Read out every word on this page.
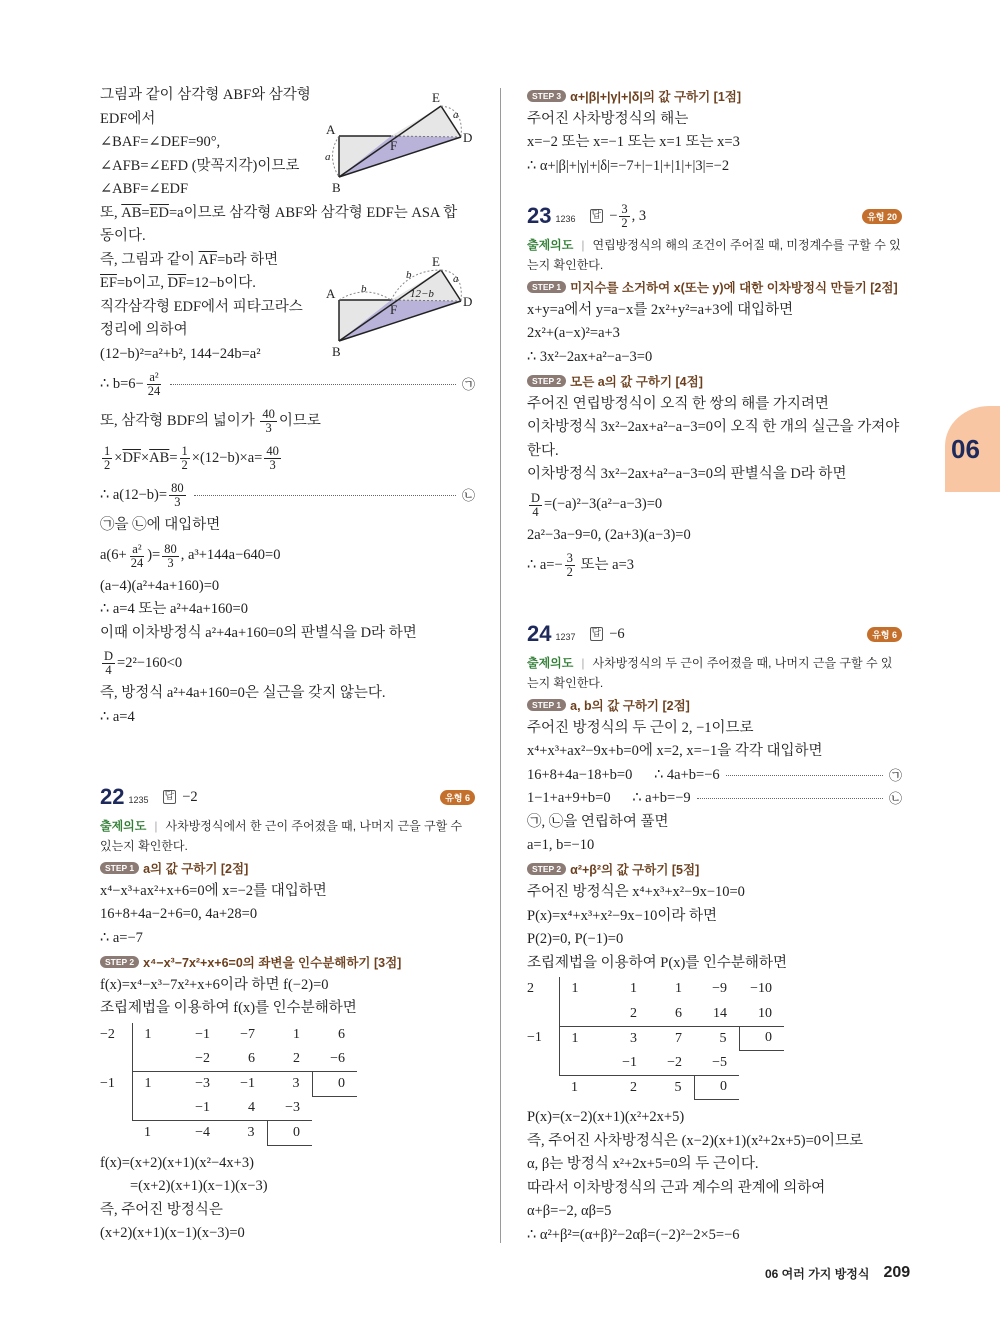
그림과 같이 삼각형 ABF와 삼각형
EDF에서
∠BAF=∠DEF=90°,
∠AFB=∠EFD (맞꼭지각)이므로
∠ABF=∠EDF
또, $\overline{AB} = \overline{ED} =a$이므로 삼각형 ABF와 삼각형 EDF는 ASA 합
동이다.
즉, 그림과 같이 $\overline{AF} =b$라 하면
$\overline{EF} =b$이고, $\overline{DF} =12-b$이다.
직각삼각형 EDF에서 피타고라스
정리에 의하여
(12−b)²=a²+b², 144−24b=a²
∴ $b=6- \frac{\text{a²}}{24}$	㉠
또, 삼각형 BDF의 넓이가 $\frac{40}{3}$ 이므로
$\frac{1}{2} \times \overline{DF} \times \overline{AB} = \frac{1}{2} \times(12-b)\times a= \frac{40}{3}$
∴ $a(12-b)= \frac{80}{3}$	㉡
㉠을 ㉡에 대입하면
$a(6+ \frac{\text{a²}}{24}$ )= $\frac{80}{3}$ , a³+144a−640=0
(a−4)(a²+4a+160)=0
∴ a=4 또는 a²+4a+160=0
이때 이차방정식 a²+4a+160=0의 판별식을 D라 하면
$\frac{D}{4} =2^2-160<0$
즉, 방정식 a²+4a+160=0은 실근을 갖지 않는다.
∴ a=4
A
B
E
D
F
a
a
A
B
E
D
F
b
b	a
12−b
22 1235 답 −2	유형 6
출제의도 | 사차방정식에서 한 근이 주어졌을 때, 나머지 근을 구할 수 있는지 확인한다.
STEP 1 a의 값 구하기 [2점]
x⁴−x³+ax²+x+6=0에 x=−2를 대입하면
16+8+4a−2+6=0, 4a+28=0
∴ a=−7
STEP 2 x⁴−x³−7x²+x+6=0의 좌변을 인수분해하기 [3점]
f(x)=x⁴−x³−7x²+x+6이라 하면 f(−2)=0
조립제법을 이용하여 f(x)를 인수분해하면
−2	1	−1	−7	1	6
		−2	6	2	−6
−1	1	−3	−1	3	0
		−1	4	−3	
	1	−4	3	0	
f(x)=(x+2)(x+1)(x²−4x+3)
=(x+2)(x+1)(x−1)(x−3)
즉, 주어진 방정식은
(x+2)(x+1)(x−1)(x−3)=0
STEP 3 α+|β|+|γ|+|δ|의 값 구하기 [1점]
주어진 사차방정식의 해는
x=−2 또는 x=−1 또는 x=1 또는 x=3
∴ α+|β|+|γ|+|δ|=−7+|−1|+|1|+|3|=−2
23 1236 답 − $\frac{3}{2}$ , 3	유형 20
출제의도 | 연립방정식의 해의 조건이 주어질 때, 미정계수를 구할 수 있는지 확인한다.
STEP 1 미지수를 소거하여 x(또는 y)에 대한 이차방정식 만들기 [2점]
x+y=a에서 y=a−x를 2x²+y²=a+3에 대입하면
2x²+(a−x)²=a+3
∴ 3x²−2ax+a²−a−3=0
STEP 2 모든 a의 값 구하기 [4점]
주어진 연립방정식이 오직 한 쌍의 해를 가지려면
이차방정식 3x²−2ax+a²−a−3=0이 오직 한 개의 실근을 가져야
한다.
이차방정식 3x²−2ax+a²−a−3=0의 판별식을 D라 하면
$\frac{D}{4} =(-a)^2-3(a^2-a-3)=0$
2a²−3a−9=0, (2a+3)(a−3)=0
∴ $a=- \frac{3}{2}$ 또는 a=3
24 1237 답 −6	유형 6
출제의도 | 사차방정식의 두 근이 주어졌을 때, 나머지 근을 구할 수 있는지 확인한다.
STEP 1 a, b의 값 구하기 [2점]
주어진 방정식의 두 근이 2, −1이므로
x⁴+x³+ax²−9x+b=0에 x=2, x=−1을 각각 대입하면
16+8+4a−18+b=0      ∴ 4a+b=−6	㉠
1−1+a+9+b=0      ∴ a+b=−9	㉡
㉠, ㉡을 연립하여 풀면
a=1, b=−10
STEP 2 α²+β²의 값 구하기 [5점]
주어진 방정식은 x⁴+x³+x²−9x−10=0
P(x)=x⁴+x³+x²−9x−10이라 하면
P(2)=0, P(−1)=0
조립제법을 이용하여 P(x)를 인수분해하면
2	1	1	1	−9	−10
		2	6	14	10
−1	1	3	7	5	0
		−1	−2	−5	
	1	2	5	0	
P(x)=(x−2)(x+1)(x²+2x+5)
즉, 주어진 사차방정식은 (x−2)(x+1)(x²+2x+5)=0이므로
α, β는 방정식 x²+2x+5=0의 두 근이다.
따라서 이차방정식의 근과 계수의 관계에 의하여
α+β=−2, αβ=5
∴ α²+β²=(α+β)²−2αβ=(−2)²−2×5=−6
06
06 여러 가지 방정식 209
